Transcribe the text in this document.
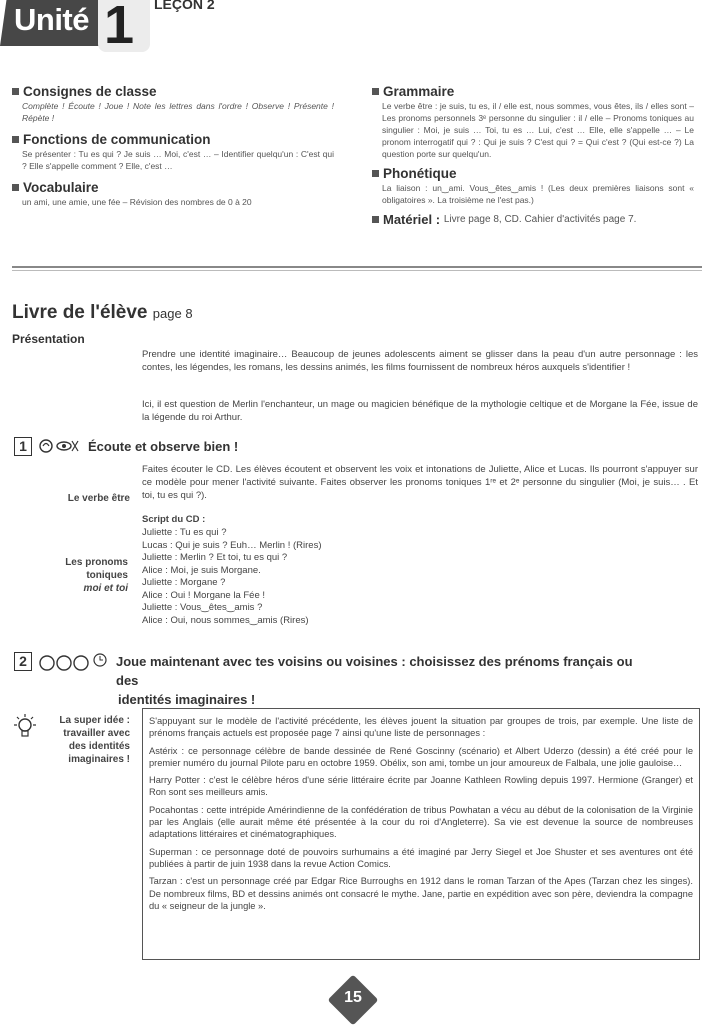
Unité 1 LEÇON 2
Consignes de classe
Complète ! Écoute ! Joue ! Note les lettres dans l'ordre ! Observe ! Présente ! Répète !
Fonctions de communication
Se présenter : Tu es qui ? Je suis … Moi, c'est … – Identifier quelqu'un : C'est qui ? Elle s'appelle comment ? Elle, c'est …
Vocabulaire
un ami, une amie, une fée – Révision des nombres de 0 à 20
Grammaire
Le verbe être : je suis, tu es, il / elle est, nous sommes, vous êtes, ils / elles sont – Les pronoms personnels 3ᵉ personne du singulier : il / elle – Pronoms toniques au singulier : Moi, je suis … Toi, tu es … Lui, c'est … Elle, elle s'appelle … – Le pronom interrogatif qui ? : Qui je suis ? C'est qui ? = Qui c'est ? (Qui est-ce ?) La question porte sur quelqu'un.
Phonétique
La liaison : un‿ami. Vous‿êtes‿amis ! (Les deux premières liaisons sont « obligatoires ». La troisième ne l'est pas.)
Matériel :
Livre page 8, CD. Cahier d'activités page 7.
Livre de l'élève page 8
Présentation
Prendre une identité imaginaire… Beaucoup de jeunes adolescents aiment se glisser dans la peau d'un autre personnage : les contes, les légendes, les romans, les dessins animés, les films fournissent de nombreux héros auxquels s'identifier !
Ici, il est question de Merlin l'enchanteur, un mage ou magicien bénéfique de la mythologie celtique et de Morgane la Fée, issue de la légende du roi Arthur.
1	Écoute et observe bien !
Faites écouter le CD. Les élèves écoutent et observent les voix et intonations de Juliette, Alice et Lucas. Ils pourront s'appuyer sur ce modèle pour mener l'activité suivante. Faites observer les pronoms toniques 1ʳᵉ et 2ᵉ personne du singulier (Moi, je suis… . Et toi, tu es qui ?).
Le verbe être
Script du CD :
Juliette : Tu es qui ?
Lucas : Qui je suis ? Euh… Merlin ! (Rires)
Juliette : Merlin ? Et toi, tu es qui ?
Alice : Moi, je suis Morgane.
Juliette : Morgane ?
Alice : Oui ! Morgane la Fée !
Juliette : Vous‿êtes‿amis ?
Alice : Oui, nous sommes‿amis (Rires)
Les pronoms
toniques
moi et toi
2	Joue maintenant avec tes voisins ou voisines : choisissez des prénoms français ou des
identités imaginaires !
La super idée :
travailler avec
des identités
imaginaires !

S'appuyant sur le modèle de l'activité précédente, les élèves jouent la situation par groupes de trois, par exemple. Une liste de prénoms français actuels est proposée page 7 ainsi qu'une liste de personnages :

Astérix : ce personnage célèbre de bande dessinée de René Goscinny (scénario) et Albert Uderzo (dessin) a été créé pour le premier numéro du journal Pilote paru en octobre 1959. Obélix, son ami, tombe un jour amoureux de Falbala, une jolie gauloise…

Harry Potter : c'est le célèbre héros d'une série littéraire écrite par Joanne Kathleen Rowling depuis 1997. Hermione (Granger) et Ron sont ses meilleurs amis.

Pocahontas : cette intrépide Amérindienne de la confédération de tribus Powhatan a vécu au début de la colonisation de la Virginie par les Anglais (elle aurait même été présentée à la cour du roi d'Angleterre). Sa vie est devenue la source de nombreuses adaptations littéraires et cinématographiques.

Superman : ce personnage doté de pouvoirs surhumains a été imaginé par Jerry Siegel et Joe Shuster et ses aventures ont été publiées à partir de juin 1938 dans la revue Action Comics.

Tarzan : c'est un personnage créé par Edgar Rice Burroughs en 1912 dans le roman Tarzan of the Apes (Tarzan chez les singes). De nombreux films, BD et dessins animés ont consacré le mythe. Jane, partie en expédition avec son père, deviendra la compagne du « seigneur de la jungle ».

15
